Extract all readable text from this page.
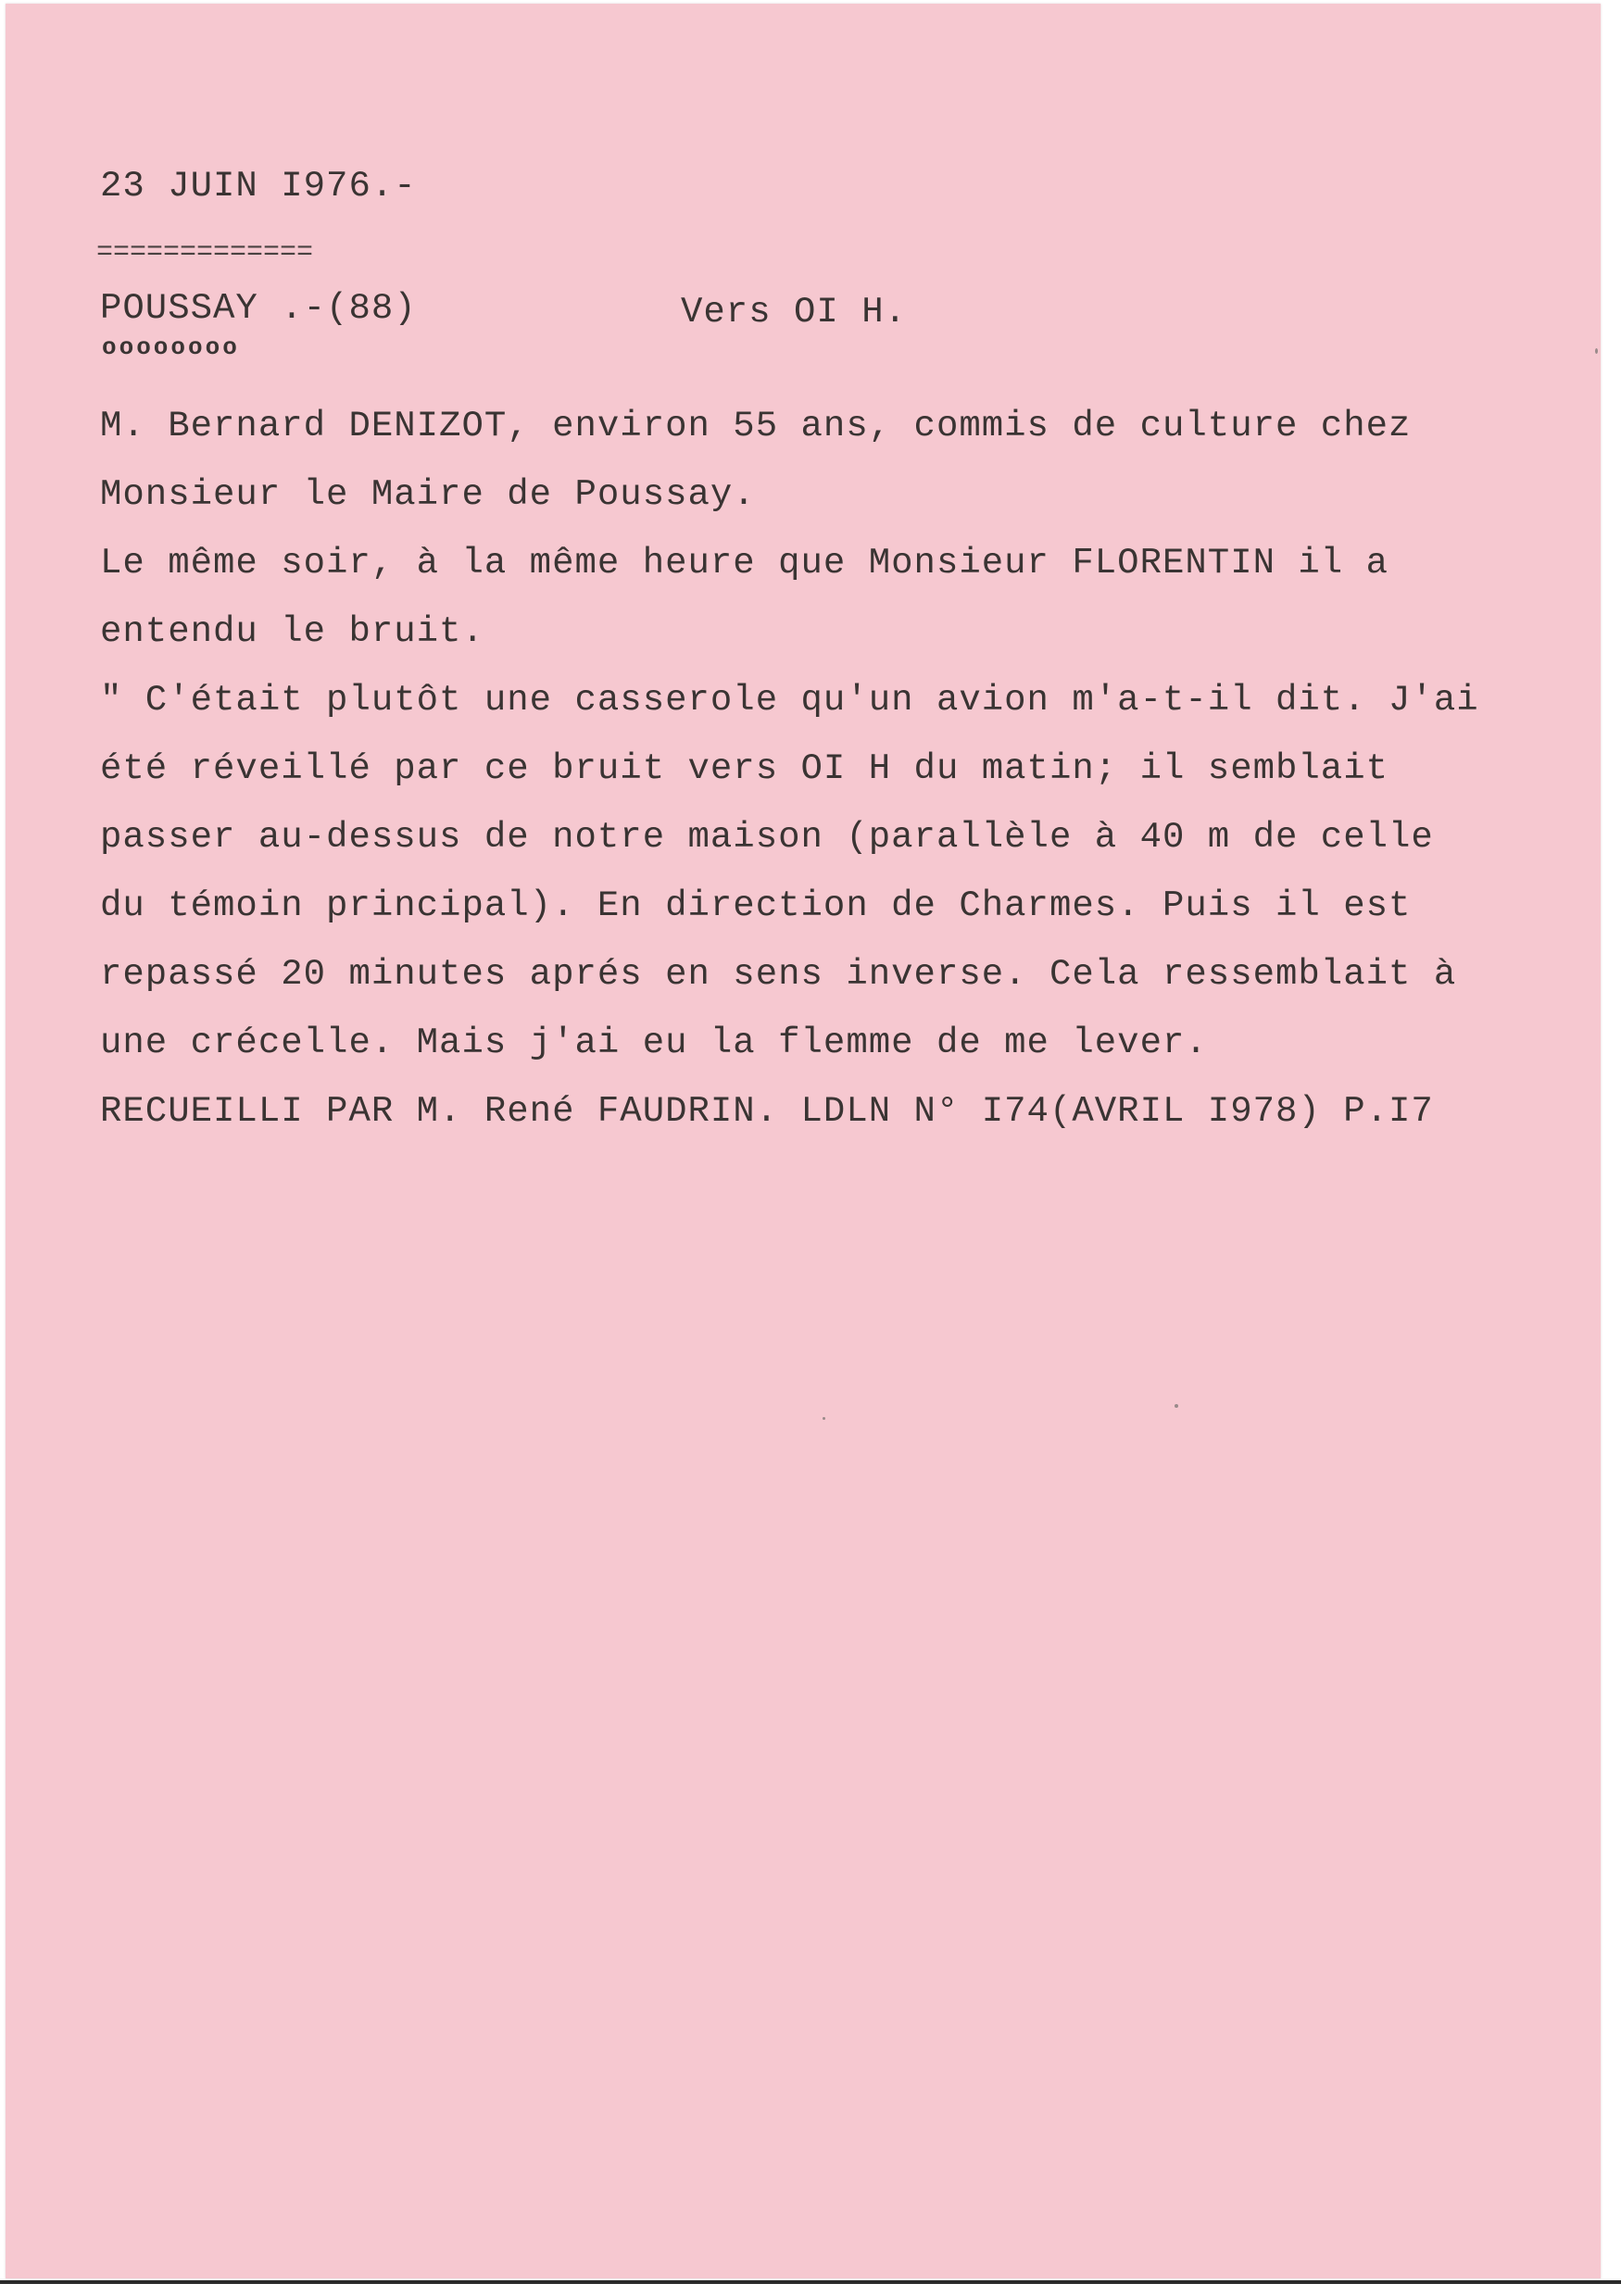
23 JUIN I976.-
=============
POUSSAY .-(88)	Vers OI H.
oooooooo
M. Bernard DENIZOT, environ 55 ans, commis de culture chez
Monsieur le Maire de Poussay.
Le même soir, à la même heure que Monsieur FLORENTIN il a
entendu le bruit.
" C'était plutôt une casserole qu'un avion m'a-t-il dit. J'ai
été réveillé par ce bruit vers OI H du matin; il semblait
passer au-dessus de notre maison (parallèle à 40 m de celle
du témoin principal). En direction de Charmes. Puis il est
repassé 20 minutes aprés en sens inverse. Cela ressemblait à
une crécelle. Mais j'ai eu la flemme de me lever.
RECUEILLI PAR M. René FAUDRIN. LDLN N° I74(AVRIL I978) P.I7
